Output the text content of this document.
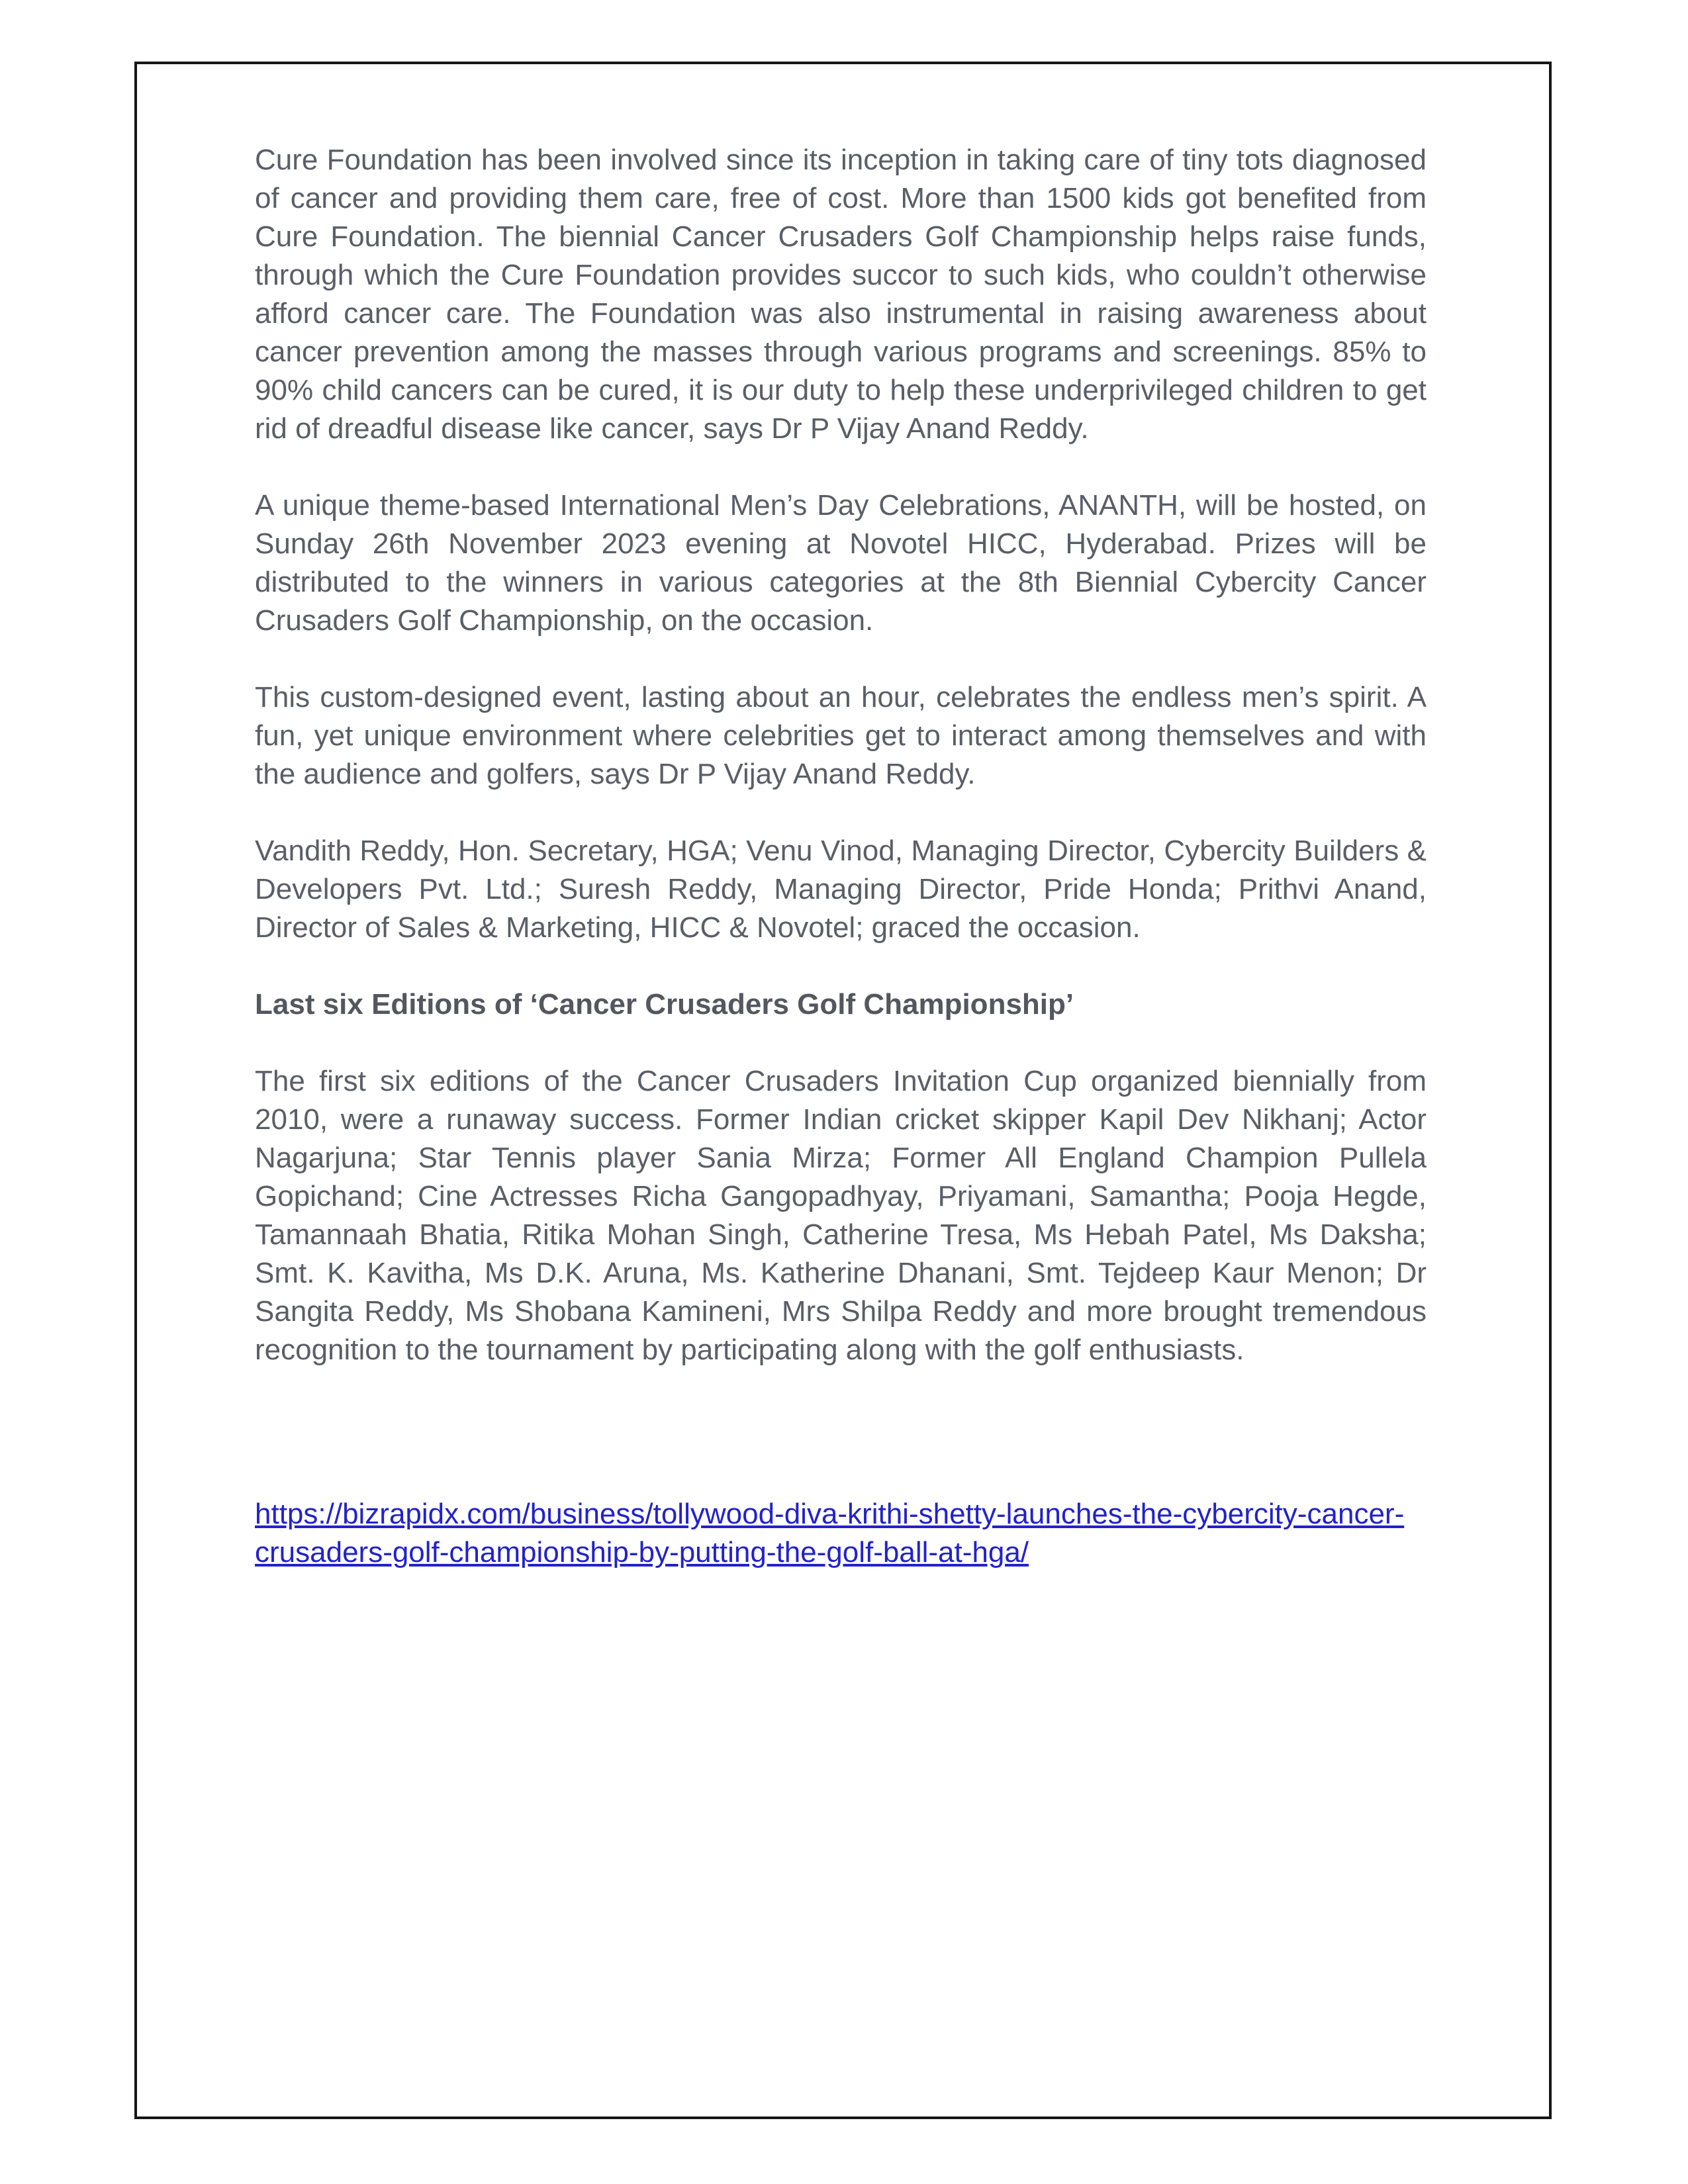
Cure Foundation has been involved since its inception in taking care of tiny tots diagnosed of cancer and providing them care, free of cost. More than 1500 kids got benefited from Cure Foundation. The biennial Cancer Crusaders Golf Championship helps raise funds, through which the Cure Foundation provides succor to such kids, who couldn’t otherwise afford cancer care. The Foundation was also instrumental in raising awareness about cancer prevention among the masses through various programs and screenings. 85% to 90% child cancers can be cured, it is our duty to help these underprivileged children to get rid of dreadful disease like cancer, says Dr P Vijay Anand Reddy.

A unique theme-based International Men’s Day Celebrations, ANANTH, will be hosted, on Sunday 26th November 2023 evening at Novotel HICC, Hyderabad. Prizes will be distributed to the winners in various categories at the 8th Biennial Cybercity Cancer Crusaders Golf Championship, on the occasion.

This custom-designed event, lasting about an hour, celebrates the endless men’s spirit. A fun, yet unique environment where celebrities get to interact among themselves and with the audience and golfers, says Dr P Vijay Anand Reddy.

Vandith Reddy, Hon. Secretary, HGA; Venu Vinod, Managing Director, Cybercity Builders & Developers Pvt. Ltd.; Suresh Reddy, Managing Director, Pride Honda; Prithvi Anand, Director of Sales & Marketing, HICC & Novotel; graced the occasion.

Last six Editions of ‘Cancer Crusaders Golf Championship’

The first six editions of the Cancer Crusaders Invitation Cup organized biennially from 2010, were a runaway success. Former Indian cricket skipper Kapil Dev Nikhanj; Actor Nagarjuna; Star Tennis player Sania Mirza; Former All England Champion Pullela Gopichand; Cine Actresses Richa Gangopadhyay, Priyamani, Samantha; Pooja Hegde, Tamannaah Bhatia, Ritika Mohan Singh, Catherine Tresa, Ms Hebah Patel, Ms Daksha; Smt. K. Kavitha, Ms D.K. Aruna, Ms. Katherine Dhanani, Smt. Tejdeep Kaur Menon; Dr Sangita Reddy, Ms Shobana Kamineni, Mrs Shilpa Reddy and more brought tremendous recognition to the tournament by participating along with the golf enthusiasts.

https://bizrapidx.com/business/tollywood-diva-krithi-shetty-launches-the-cybercity-cancer-crusaders-golf-championship-by-putting-the-golf-ball-at-hga/
